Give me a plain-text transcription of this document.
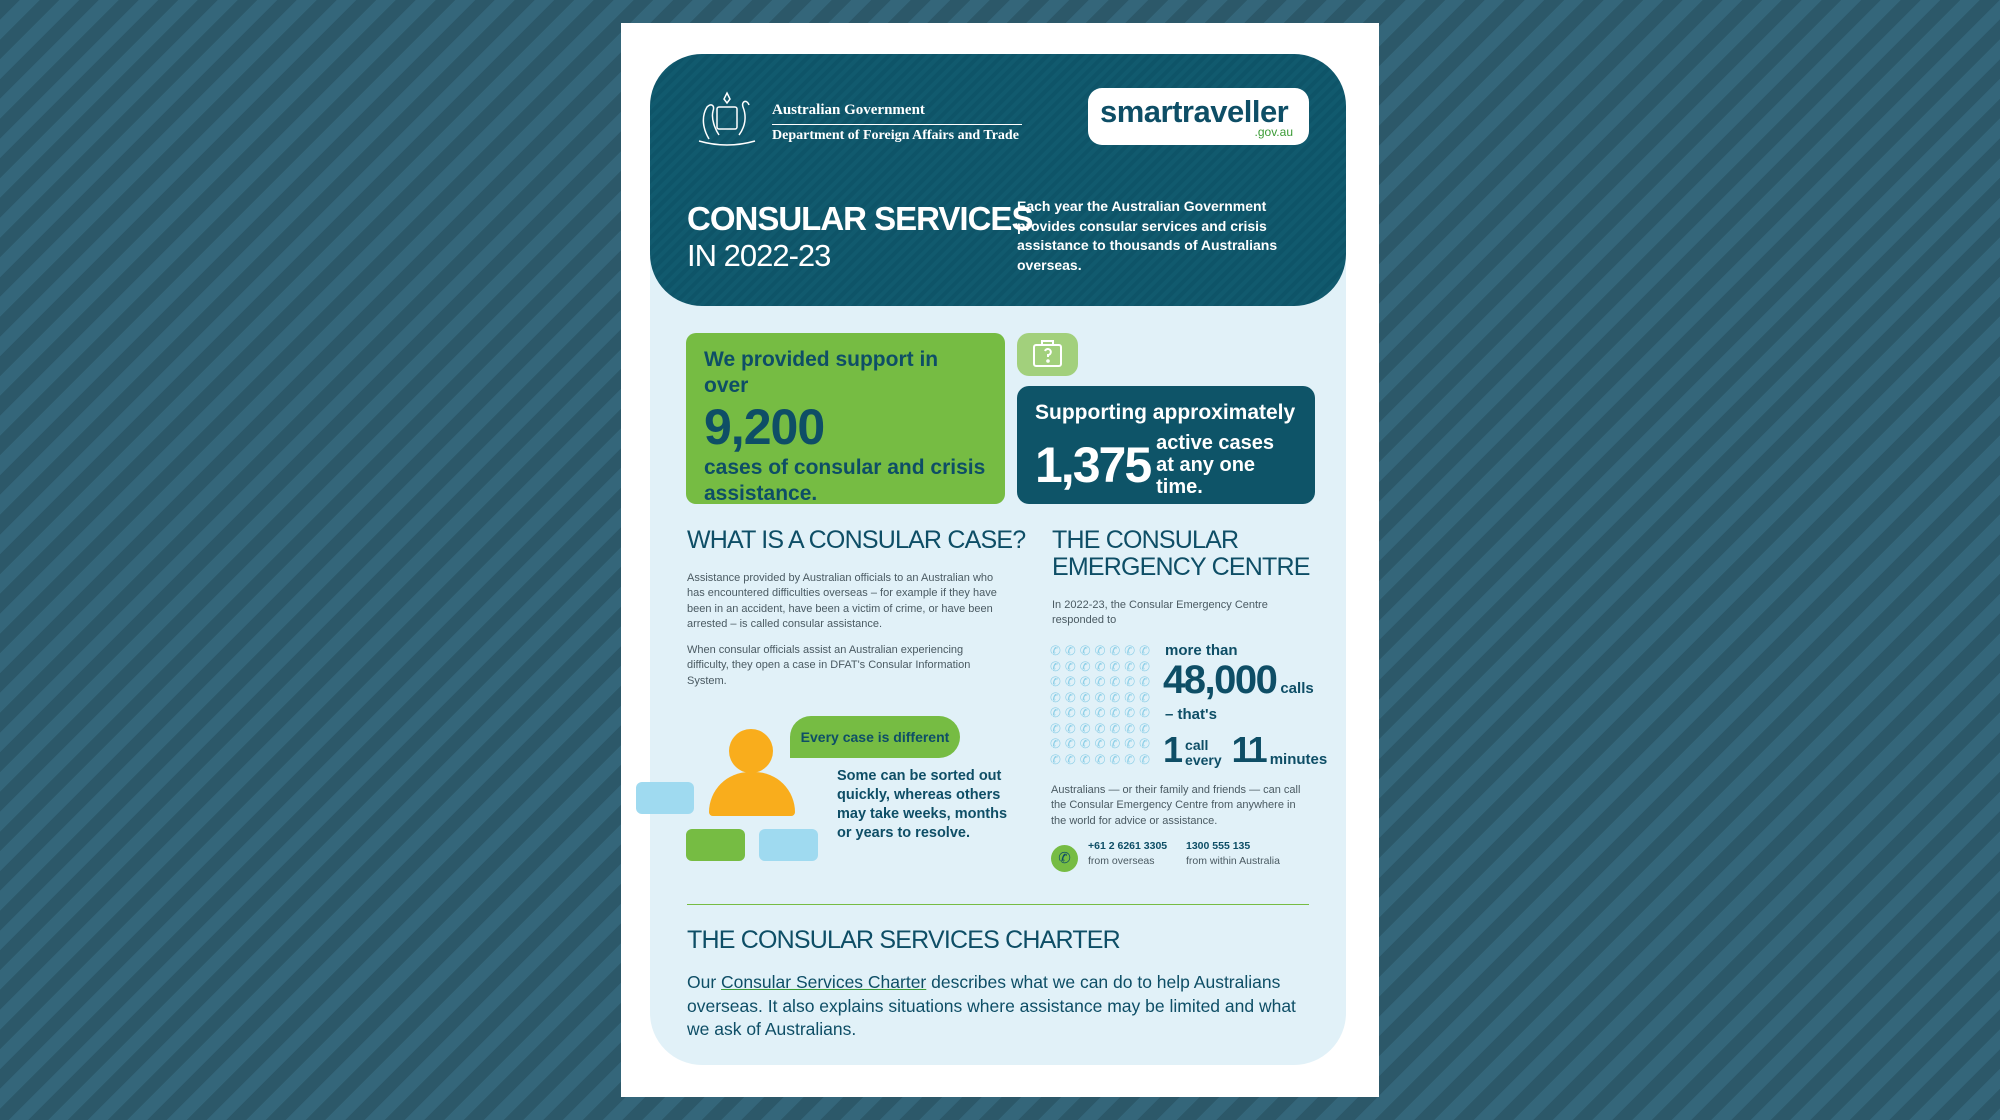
Australian Government
Department of Foreign Affairs and Trade
smartraveller
.gov.au
CONSULAR SERVICES
IN 2022-23
Each year the Australian Government provides consular services and crisis assistance to thousands of Australians overseas.
We provided support in over
9,200
cases of consular and crisis assistance.
Supporting approximately
1,375 active cases
at any one time.
WHAT IS A CONSULAR CASE?
Assistance provided by Australian officials to an Australian who has encountered difficulties overseas – for example if they have been in an accident, have been a victim of crime, or have been arrested – is called consular assistance.
When consular officials assist an Australian experiencing difficulty, they open a case in DFAT's Consular Information System.
Every case is different
Some can be sorted out quickly, whereas others may take weeks, months or years to resolve.
THE CONSULAR
EMERGENCY CENTRE
In 2022-23, the Consular Emergency Centre responded to
✆ ✆ ✆ ✆ ✆ ✆ ✆
✆ ✆ ✆ ✆ ✆ ✆ ✆
✆ ✆ ✆ ✆ ✆ ✆ ✆
✆ ✆ ✆ ✆ ✆ ✆ ✆
✆ ✆ ✆ ✆ ✆ ✆ ✆
✆ ✆ ✆ ✆ ✆ ✆ ✆
✆ ✆ ✆ ✆ ✆ ✆ ✆
✆ ✆ ✆ ✆ ✆ ✆ ✆
more than
48,000 calls
– that's
1 call
every 11 minutes
Australians — or their family and friends — can call the Consular Emergency Centre from anywhere in the world for advice or assistance.
✆
+61 2 6261 3305
from overseas
1300 555 135
from within Australia
THE CONSULAR SERVICES CHARTER
Our Consular Services Charter describes what we can do to help Australians overseas. It also explains situations where assistance may be limited and what we ask of Australians.
